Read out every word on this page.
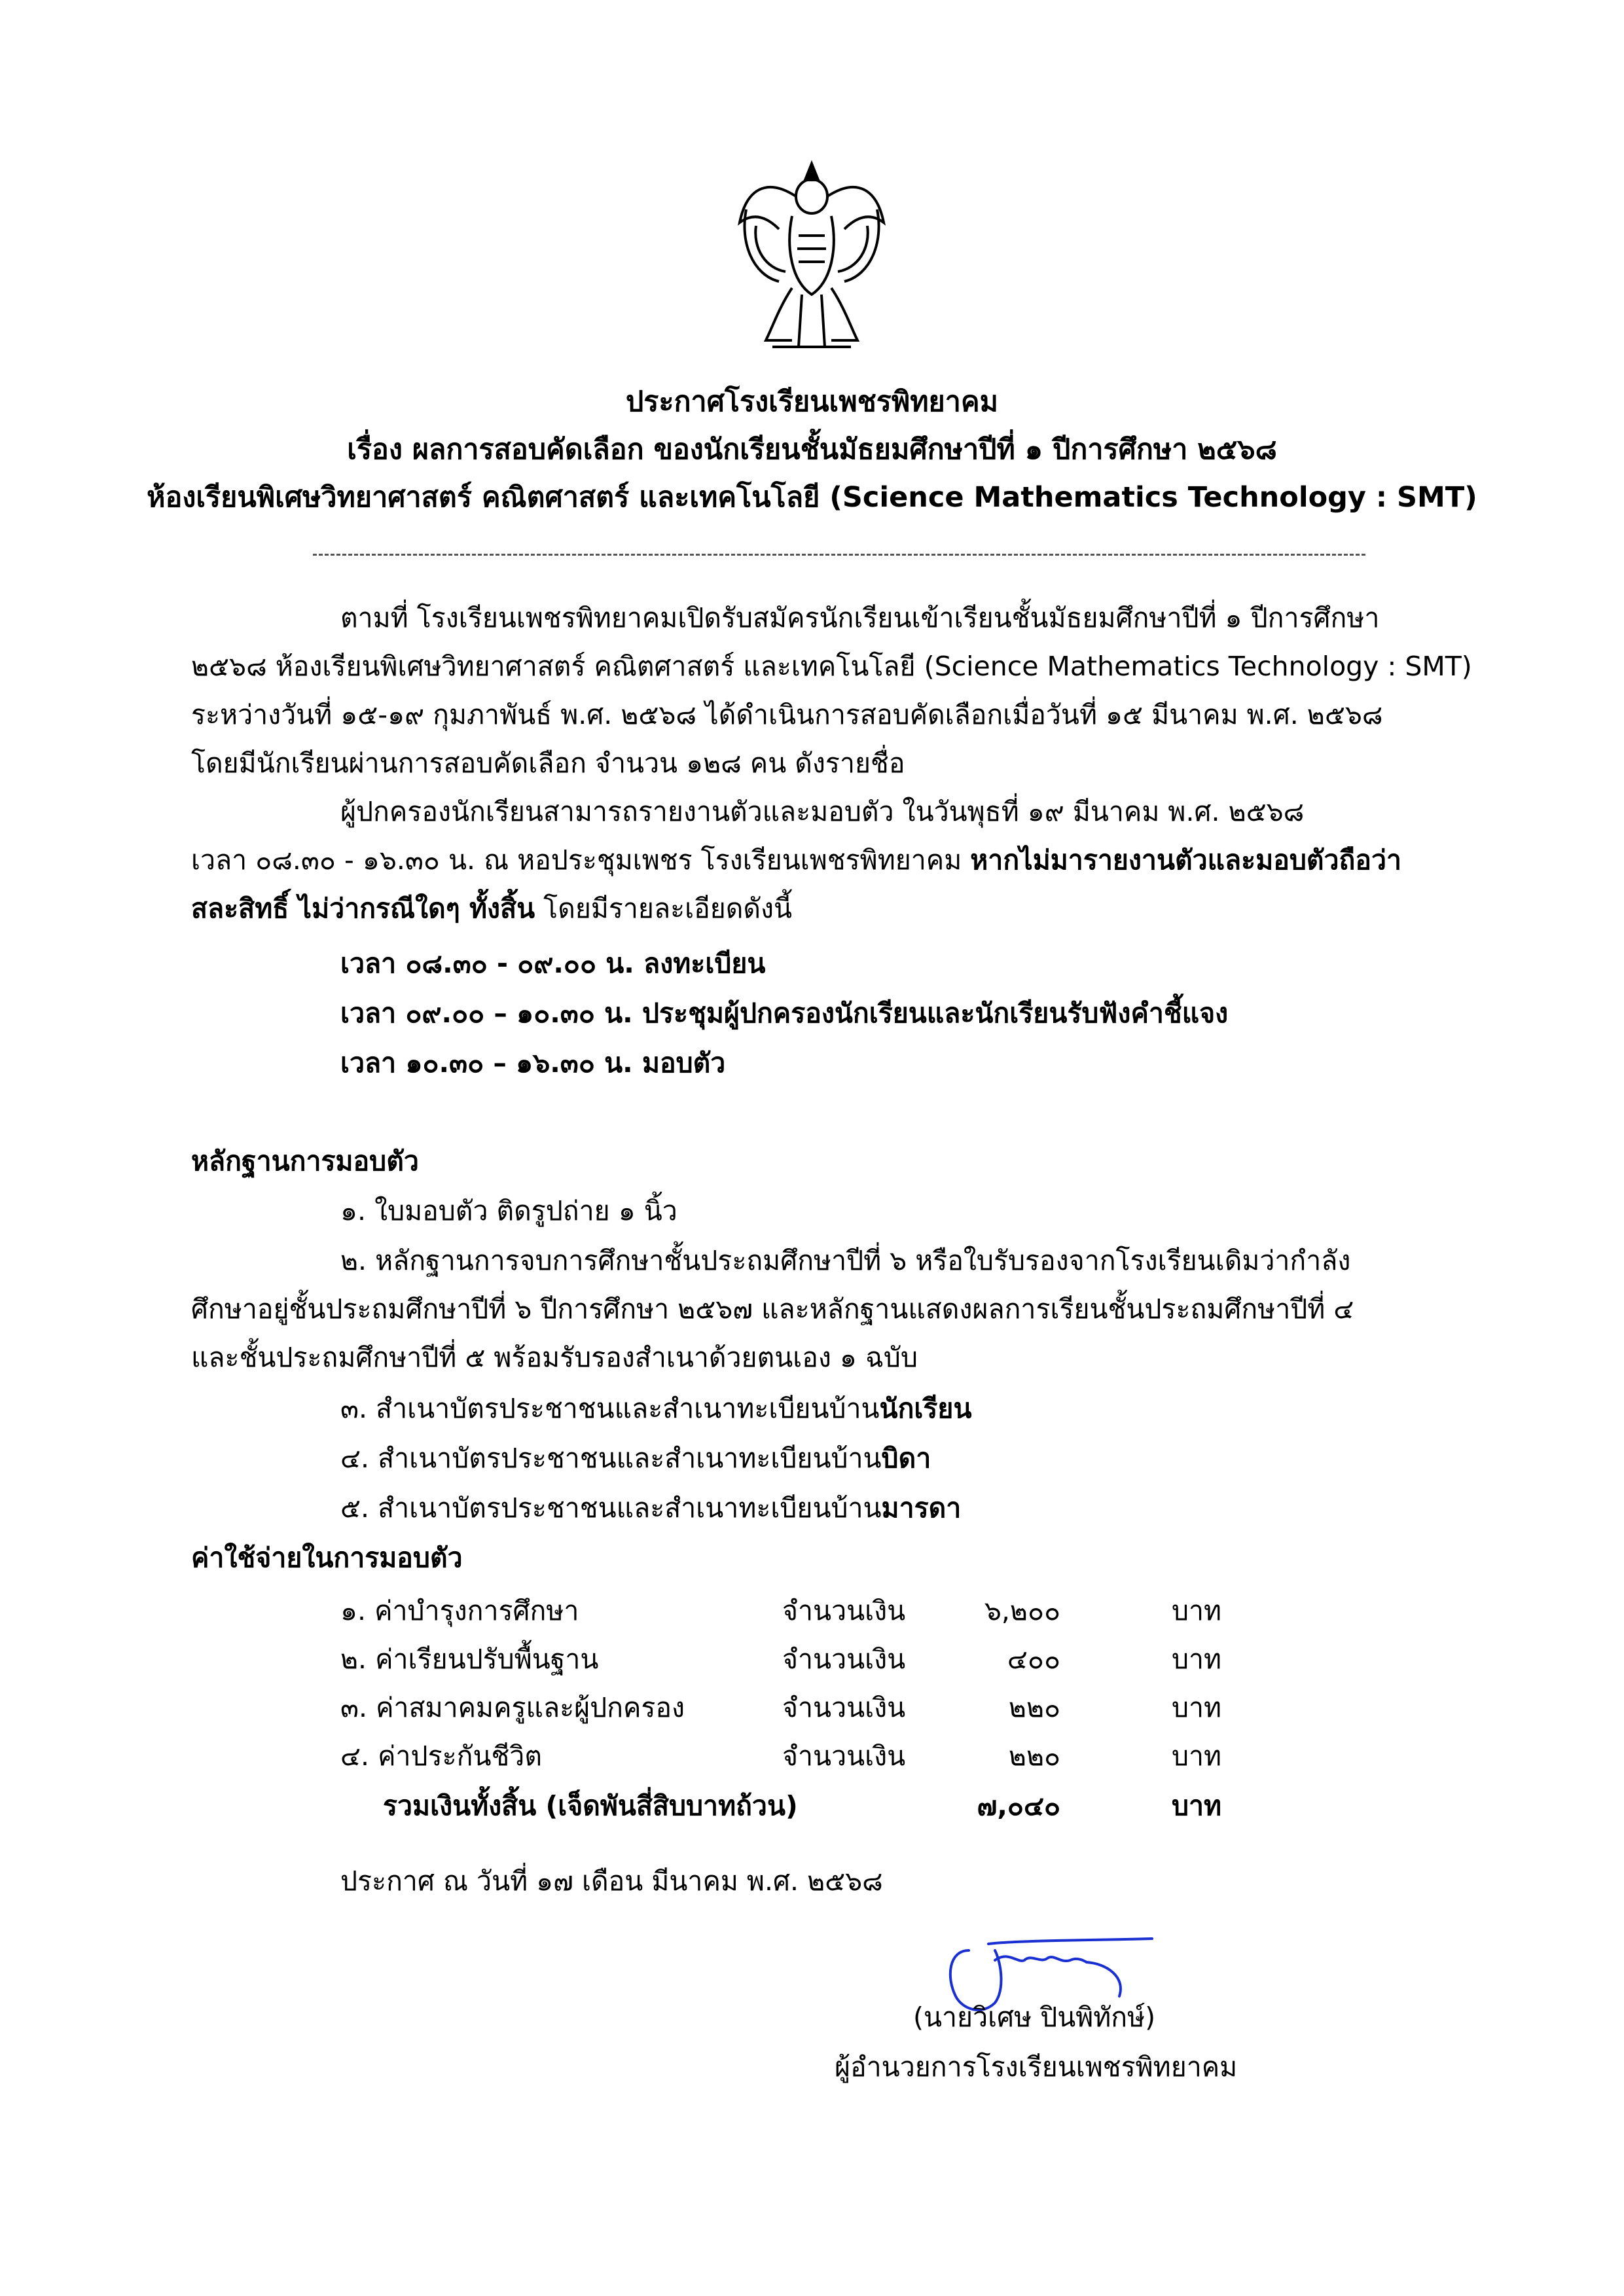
ประกาศโรงเรียนเพชรพิทยาคม
เรื่อง ผลการสอบคัดเลือก ของนักเรียนชั้นมัธยมศึกษาปีที่ ๑ ปีการศึกษา ๒๕๖๘
ห้องเรียนพิเศษวิทยาศาสตร์ คณิตศาสตร์ และเทคโนโลยี (Science Mathematics Technology : SMT)
ตามที่ โรงเรียนเพชรพิทยาคมเปิดรับสมัครนักเรียนเข้าเรียนชั้นมัธยมศึกษาปีที่ ๑ ปีการศึกษา
๒๕๖๘ ห้องเรียนพิเศษวิทยาศาสตร์ คณิตศาสตร์ และเทคโนโลยี (Science Mathematics Technology : SMT)
ระหว่างวันที่ ๑๕-๑๙ กุมภาพันธ์ พ.ศ. ๒๕๖๘ ได้ดำเนินการสอบคัดเลือกเมื่อวันที่ ๑๕ มีนาคม พ.ศ. ๒๕๖๘
โดยมีนักเรียนผ่านการสอบคัดเลือก จำนวน ๑๒๘ คน ดังรายชื่อ
ผู้ปกครองนักเรียนสามารถรายงานตัวและมอบตัว ในวันพุธที่ ๑๙ มีนาคม พ.ศ. ๒๕๖๘
เวลา ๐๘.๓๐ - ๑๖.๓๐ น. ณ หอประชุมเพชร โรงเรียนเพชรพิทยาคม หากไม่มารายงานตัวและมอบตัวถือว่า
สละสิทธิ์ ไม่ว่ากรณีใดๆ ทั้งสิ้น โดยมีรายละเอียดดังนี้
เวลา ๐๘.๓๐ - ๐๙.๐๐ น. ลงทะเบียน
เวลา ๐๙.๐๐ – ๑๐.๓๐ น. ประชุมผู้ปกครองนักเรียนและนักเรียนรับฟังคำชี้แจง
เวลา ๑๐.๓๐ – ๑๖.๓๐ น. มอบตัว
หลักฐานการมอบตัว
๑. ใบมอบตัว ติดรูปถ่าย ๑ นิ้ว
๒. หลักฐานการจบการศึกษาชั้นประถมศึกษาปีที่ ๖ หรือใบรับรองจากโรงเรียนเดิมว่ากำลัง
ศึกษาอยู่ชั้นประถมศึกษาปีที่ ๖ ปีการศึกษา ๒๕๖๗ และหลักฐานแสดงผลการเรียนชั้นประถมศึกษาปีที่ ๔
และชั้นประถมศึกษาปีที่ ๕ พร้อมรับรองสำเนาด้วยตนเอง ๑ ฉบับ
๓. สำเนาบัตรประชาชนและสำเนาทะเบียนบ้านนักเรียน
๔. สำเนาบัตรประชาชนและสำเนาทะเบียนบ้านบิดา
๕. สำเนาบัตรประชาชนและสำเนาทะเบียนบ้านมารดา
ค่าใช้จ่ายในการมอบตัว
๑. ค่าบำรุงการศึกษา	จำนวนเงิน	๖,๒๐๐	บาท
๒. ค่าเรียนปรับพื้นฐาน	จำนวนเงิน	๔๐๐	บาท
๓. ค่าสมาคมครูและผู้ปกครอง	จำนวนเงิน	๒๒๐	บาท
๔. ค่าประกันชีวิต	จำนวนเงิน	๒๒๐	บาท
รวมเงินทั้งสิ้น (เจ็ดพันสี่สิบบาทถ้วน)	๗,๐๔๐	บาท
ประกาศ ณ วันที่ ๑๗ เดือน มีนาคม พ.ศ. ๒๕๖๘
(นายวิเศษ ปินพิทักษ์)
ผู้อำนวยการโรงเรียนเพชรพิทยาคม
